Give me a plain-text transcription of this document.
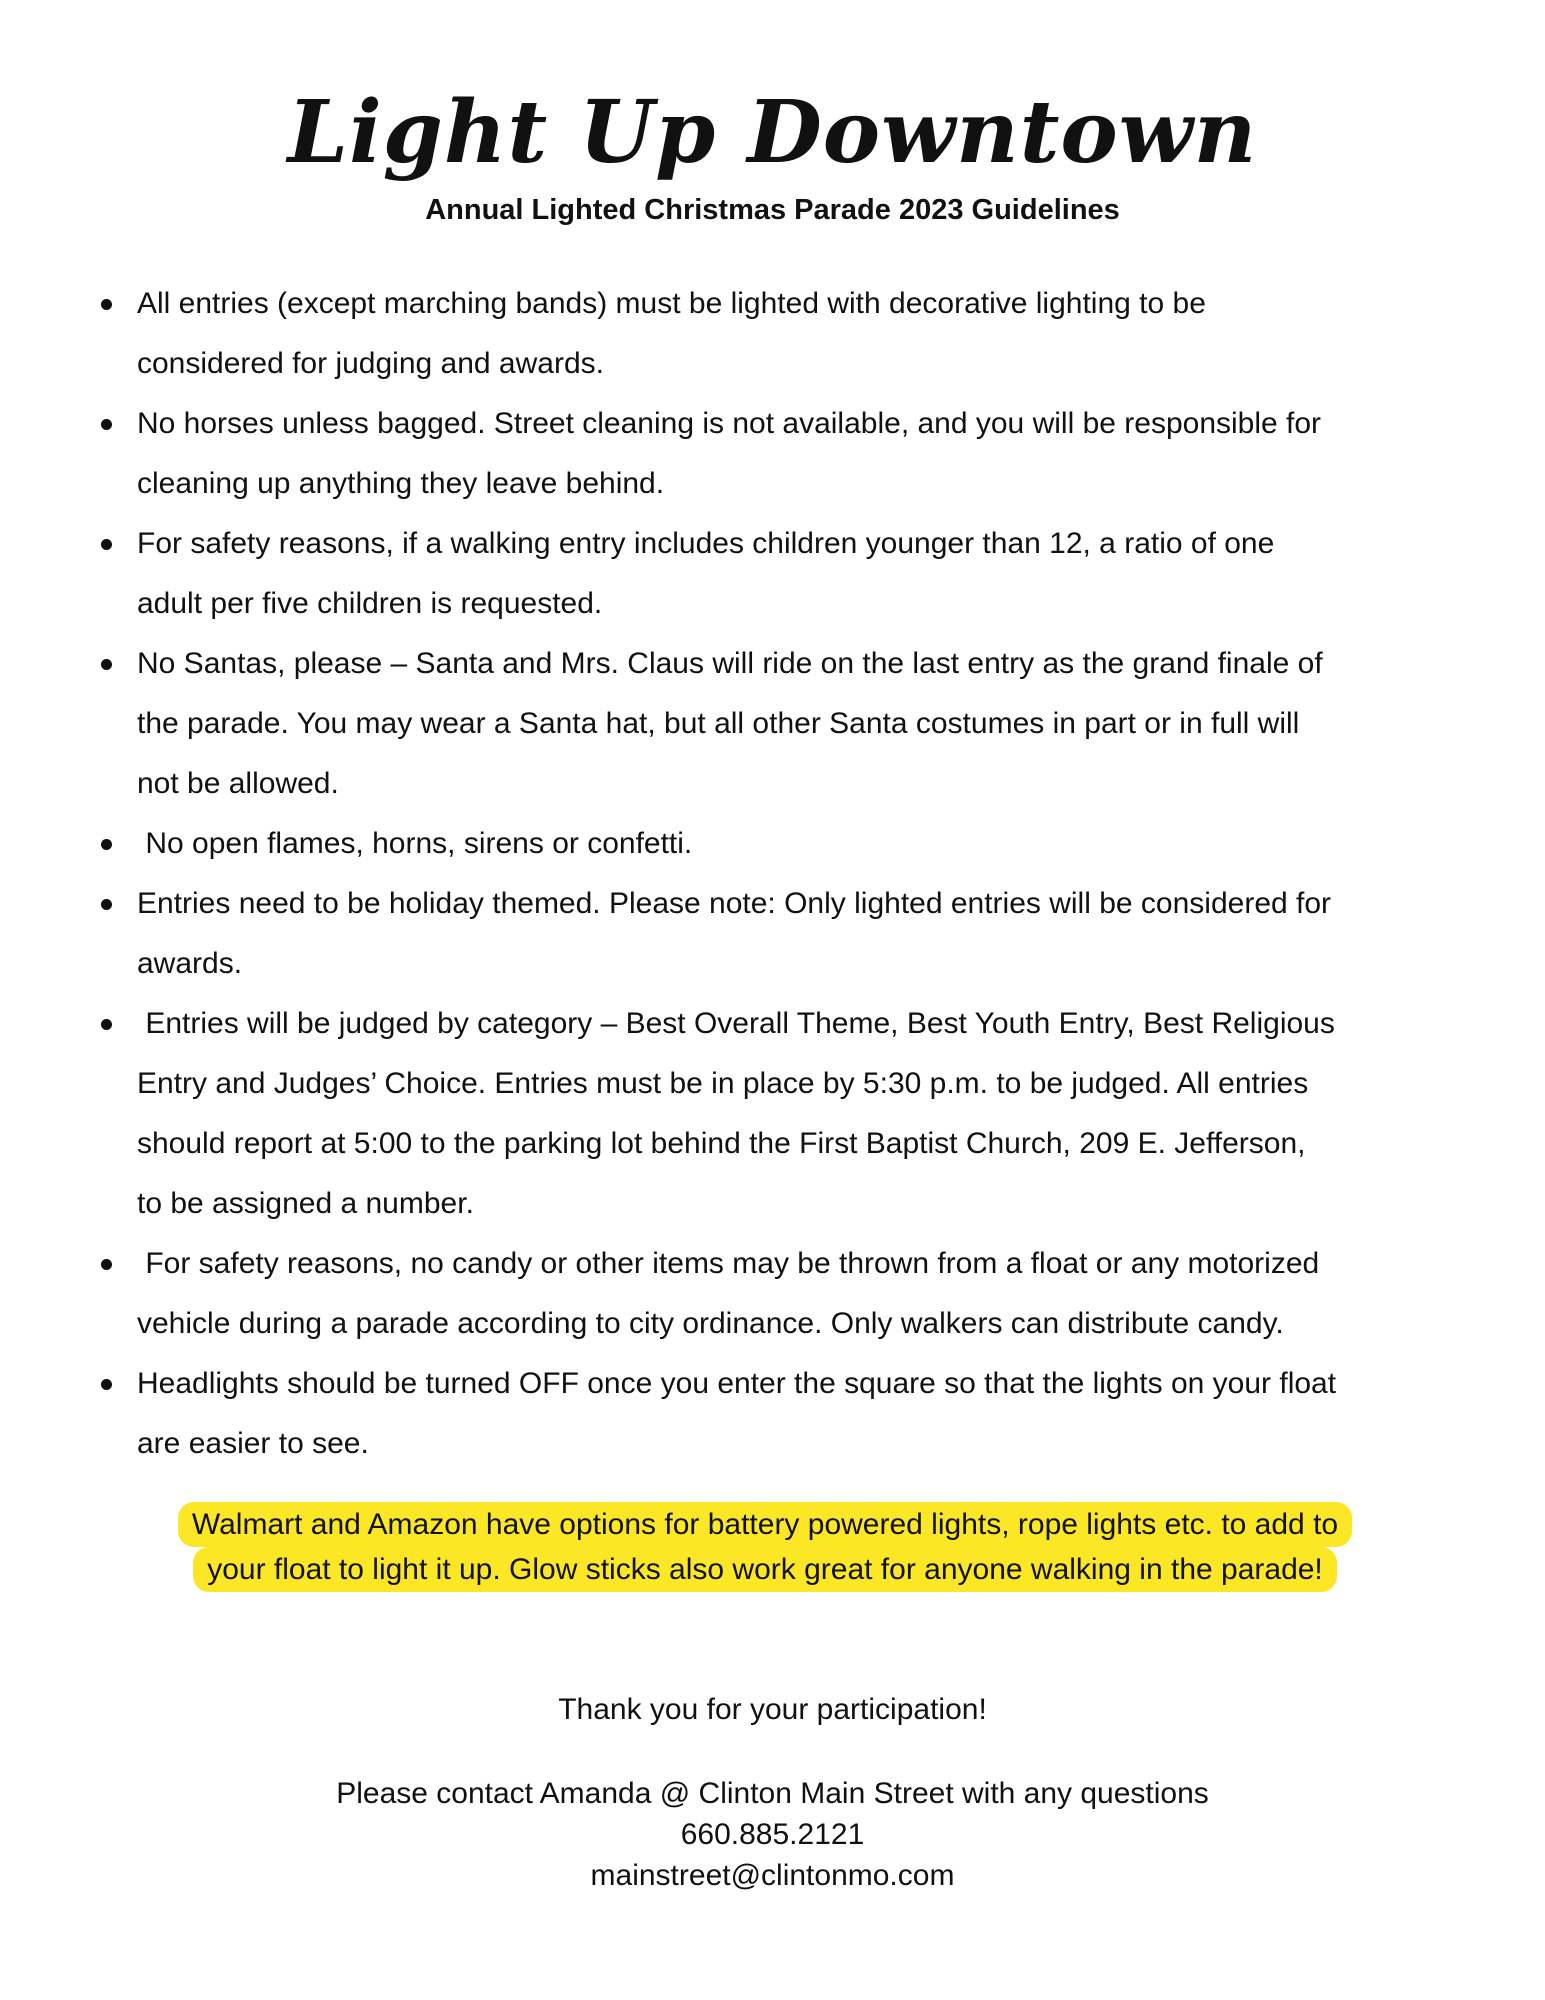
Light Up Downtown
Annual Lighted Christmas Parade 2023 Guidelines
All entries (except marching bands) must be lighted with decorative lighting to be
considered for judging and awards.
No horses unless bagged. Street cleaning is not available, and you will be responsible for
cleaning up anything they leave behind.
For safety reasons, if a walking entry includes children younger than 12, a ratio of one
adult per five children is requested.
No Santas, please – Santa and Mrs. Claus will ride on the last entry as the grand finale of
the parade. You may wear a Santa hat, but all other Santa costumes in part or in full will
not be allowed.
No open flames, horns, sirens or confetti.
Entries need to be holiday themed. Please note: Only lighted entries will be considered for
awards.
Entries will be judged by category – Best Overall Theme, Best Youth Entry, Best Religious
Entry and Judges’ Choice. Entries must be in place by 5:30 p.m. to be judged. All entries
should report at 5:00 to the parking lot behind the First Baptist Church, 209 E. Jefferson,
to be assigned a number.
For safety reasons, no candy or other items may be thrown from a float or any motorized
vehicle during a parade according to city ordinance. Only walkers can distribute candy.
Headlights should be turned OFF once you enter the square so that the lights on your float
are easier to see.
Walmart and Amazon have options for battery powered lights, rope lights etc. to add to
your float to light it up. Glow sticks also work great for anyone walking in the parade!
Thank you for your participation!
Please contact Amanda @ Clinton Main Street with any questions
660.885.2121
mainstreet@clintonmo.com
